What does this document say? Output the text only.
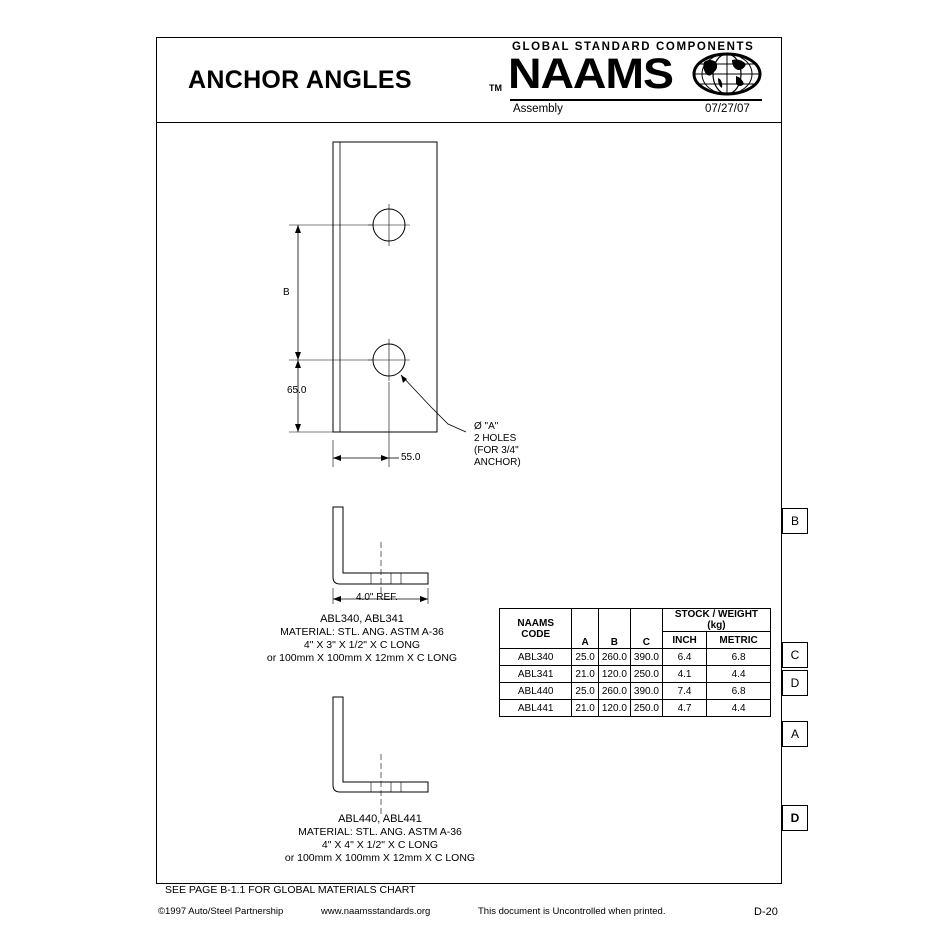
ANCHOR ANGLES
GLOBAL STANDARD COMPONENTS
TM NAAMS
Assembly	07/27/07
B
65.0
55.0
Ø "A"
2 HOLES
(FOR 3/4"
ANCHOR)
4.0" REF.
ABL340, ABL341
MATERIAL: STL. ANG. ASTM A-36
4" X 3" X 1/2" X C LONG
or 100mm X 100mm X 12mm X C LONG
ABL440, ABL441
MATERIAL: STL. ANG. ASTM A-36
4" X 4" X 1/2" X C LONG
or 100mm X 100mm X 12mm X C LONG
NAAMS CODE	A	B	C	STOCK / WEIGHT (kg)	
				INCH	METRIC
ABL340	25.0	260.0	390.0	6.4	6.8
ABL341	21.0	120.0	250.0	4.1	4.4
ABL440	25.0	260.0	390.0	7.4	6.8
ABL441	21.0	120.0	250.0	4.7	4.4
B
C
D
A
D
SEE PAGE B-1.1 FOR GLOBAL MATERIALS CHART
©1997 Auto/Steel Partnership	www.naamsstandards.org	This document is Uncontrolled when printed.	D-20
